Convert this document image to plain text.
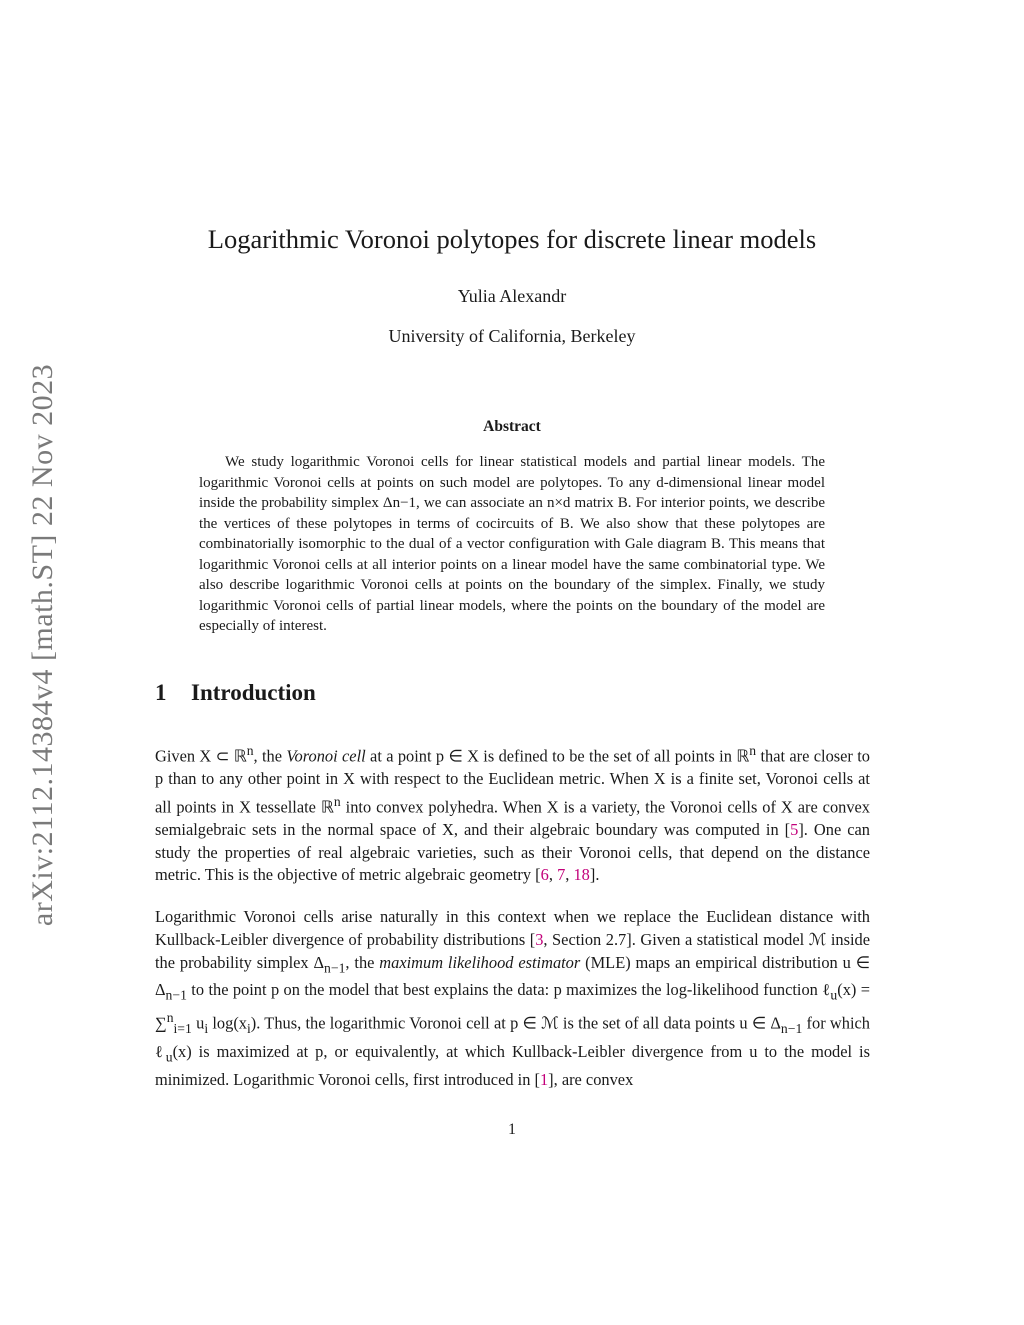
arXiv:2112.14384v4 [math.ST] 22 Nov 2023
Logarithmic Voronoi polytopes for discrete linear models
Yulia Alexandr
University of California, Berkeley
Abstract
We study logarithmic Voronoi cells for linear statistical models and partial linear models. The logarithmic Voronoi cells at points on such model are polytopes. To any d-dimensional linear model inside the probability simplex Δn−1, we can associate an n×d matrix B. For interior points, we describe the vertices of these polytopes in terms of cocircuits of B. We also show that these polytopes are combinatorially isomorphic to the dual of a vector configuration with Gale diagram B. This means that logarithmic Voronoi cells at all interior points on a linear model have the same combinatorial type. We also describe logarithmic Voronoi cells at points on the boundary of the simplex. Finally, we study logarithmic Voronoi cells of partial linear models, where the points on the boundary of the model are especially of interest.
1 Introduction

Given X ⊂ ℝ$^n$, the Voronoi cell at a point p ∈ X is defined to be the set of all points in ℝ$^n$ that are closer to p than to any other point in X with respect to the Euclidean metric. When X is a finite set, Voronoi cells at all points in X tessellate ℝ$^n$ into convex polyhedra. When X is a variety, the Voronoi cells of X are convex semialgebraic sets in the normal space of X, and their algebraic boundary was computed in [5]. One can study the properties of real algebraic varieties, such as their Voronoi cells, that depend on the distance metric. This is the objective of metric algebraic geometry [6, 7, 18].

Logarithmic Voronoi cells arise naturally in this context when we replace the Euclidean distance with Kullback-Leibler divergence of probability distributions [3, Section 2.7]. Given a statistical model ℳ inside the probability simplex $\Delta_{n-1}$, the maximum likelihood estimator (MLE) maps an empirical distribution u ∈ $\Delta_{n-1}$ to the point p on the model that best explains the data: p maximizes the log-likelihood function ℓ$_u$(x) = ∑$^n_{i=1}$ $u_i$ $\log(x_i)$. Thus, the logarithmic Voronoi cell at p ∈ ℳ is the set of all data points u ∈ $\Delta_{n-1}$ for which ℓ$_u$(x) is maximized at p, or equivalently, at which Kullback-Leibler divergence from u to the model is minimized. Logarithmic Voronoi cells, first introduced in [1], are convex

1
